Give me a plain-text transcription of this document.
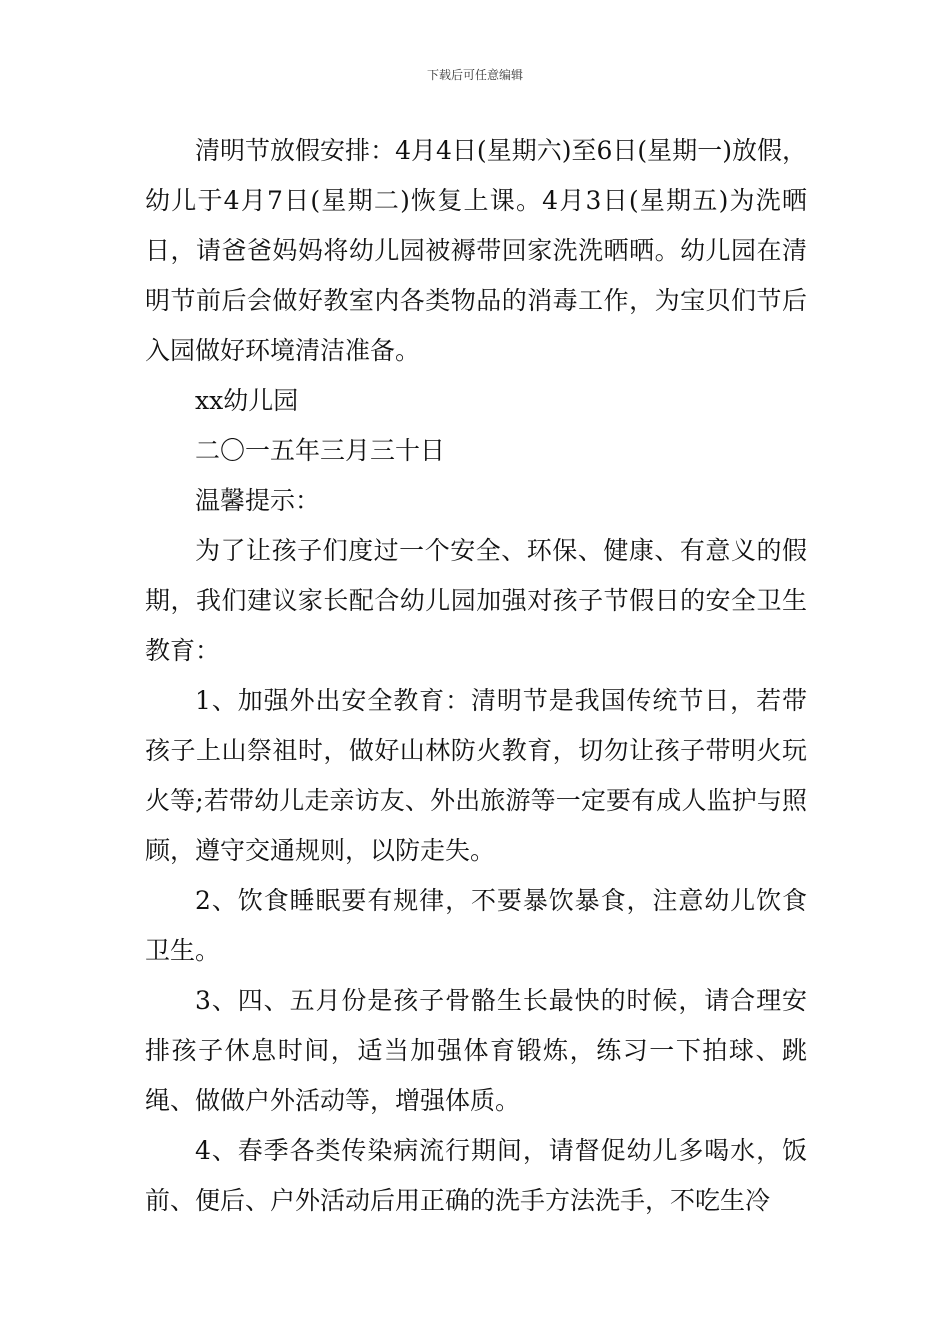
下载后可任意编辑

清明节放假安排：4月4日(星期六)至6日(星期一)放假，幼儿于4月7日(星期二)恢复上课。4月3日(星期五)为洗晒日，请爸爸妈妈将幼儿园被褥带回家洗洗晒晒。幼儿园在清明节前后会做好教室内各类物品的消毒工作，为宝贝们节后入园做好环境清洁准备。

xx幼儿园

二〇一五年三月三十日

温馨提示：

为了让孩子们度过一个安全、环保、健康、有意义的假期，我们建议家长配合幼儿园加强对孩子节假日的安全卫生教育：

1、加强外出安全教育：清明节是我国传统节日，若带孩子上山祭祖时，做好山林防火教育，切勿让孩子带明火玩火等;若带幼儿走亲访友、外出旅游等一定要有成人监护与照顾，遵守交通规则，以防走失。

2、饮食睡眠要有规律，不要暴饮暴食，注意幼儿饮食卫生。

3、四、五月份是孩子骨骼生长最快的时候，请合理安排孩子休息时间，适当加强体育锻炼，练习一下拍球、跳绳、做做户外活动等，增强体质。

4、春季各类传染病流行期间，请督促幼儿多喝水，饭前、便后、户外活动后用正确的洗手方法洗手，不吃生冷
